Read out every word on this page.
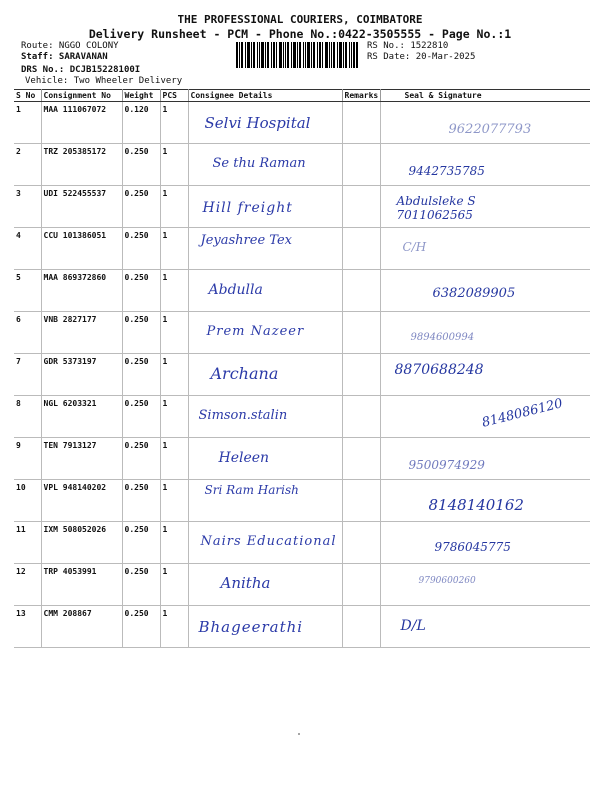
THE PROFESSIONAL COURIERS, COIMBATORE
Delivery Runsheet - PCM - Phone No.:0422-3505555 - Page No.:1
Route: NGGO COLONY
Staff: SARAVANAN
DRS No.: DCJB15228100I
Vehicle: Two Wheeler Delivery
RS No.: 1522810
RS Date: 20-Mar-2025
S No	Consignment No	Weight	PCS	Consignee Details	Remarks	Seal & Signature
1	MAA 111067072	0.120	1	Selvi Hospital		9622077793

2	TRZ 205385172	0.250	1	Se thu Raman		9442735785

3	UDI 522455537	0.250	1	Hill freight		Abdulsleke S 7011062565

4	CCU 101386051	0.250	1	Jeyashree Tex		C/H

5	MAA 869372860	0.250	1	Abdulla		6382089905

6	VNB 2827177	0.250	1	Prem Nazeer		9894600994

7	GDR 5373197	0.250	1	Archana		8870688248

8	NGL 6203321	0.250	1	Simson.stalin		8148086120

9	TEN 7913127	0.250	1	Heleen		9500974929

10	VPL 948140202	0.250	1	Sri Ram Harish		8148140162

11	IXM 508052026	0.250	1	Nairs Educational		9786045775

12	TRP 4053991	0.250	1	Anitha		9790600260

13	CMM 208867	0.250	1	Bhageerathi		D/L
